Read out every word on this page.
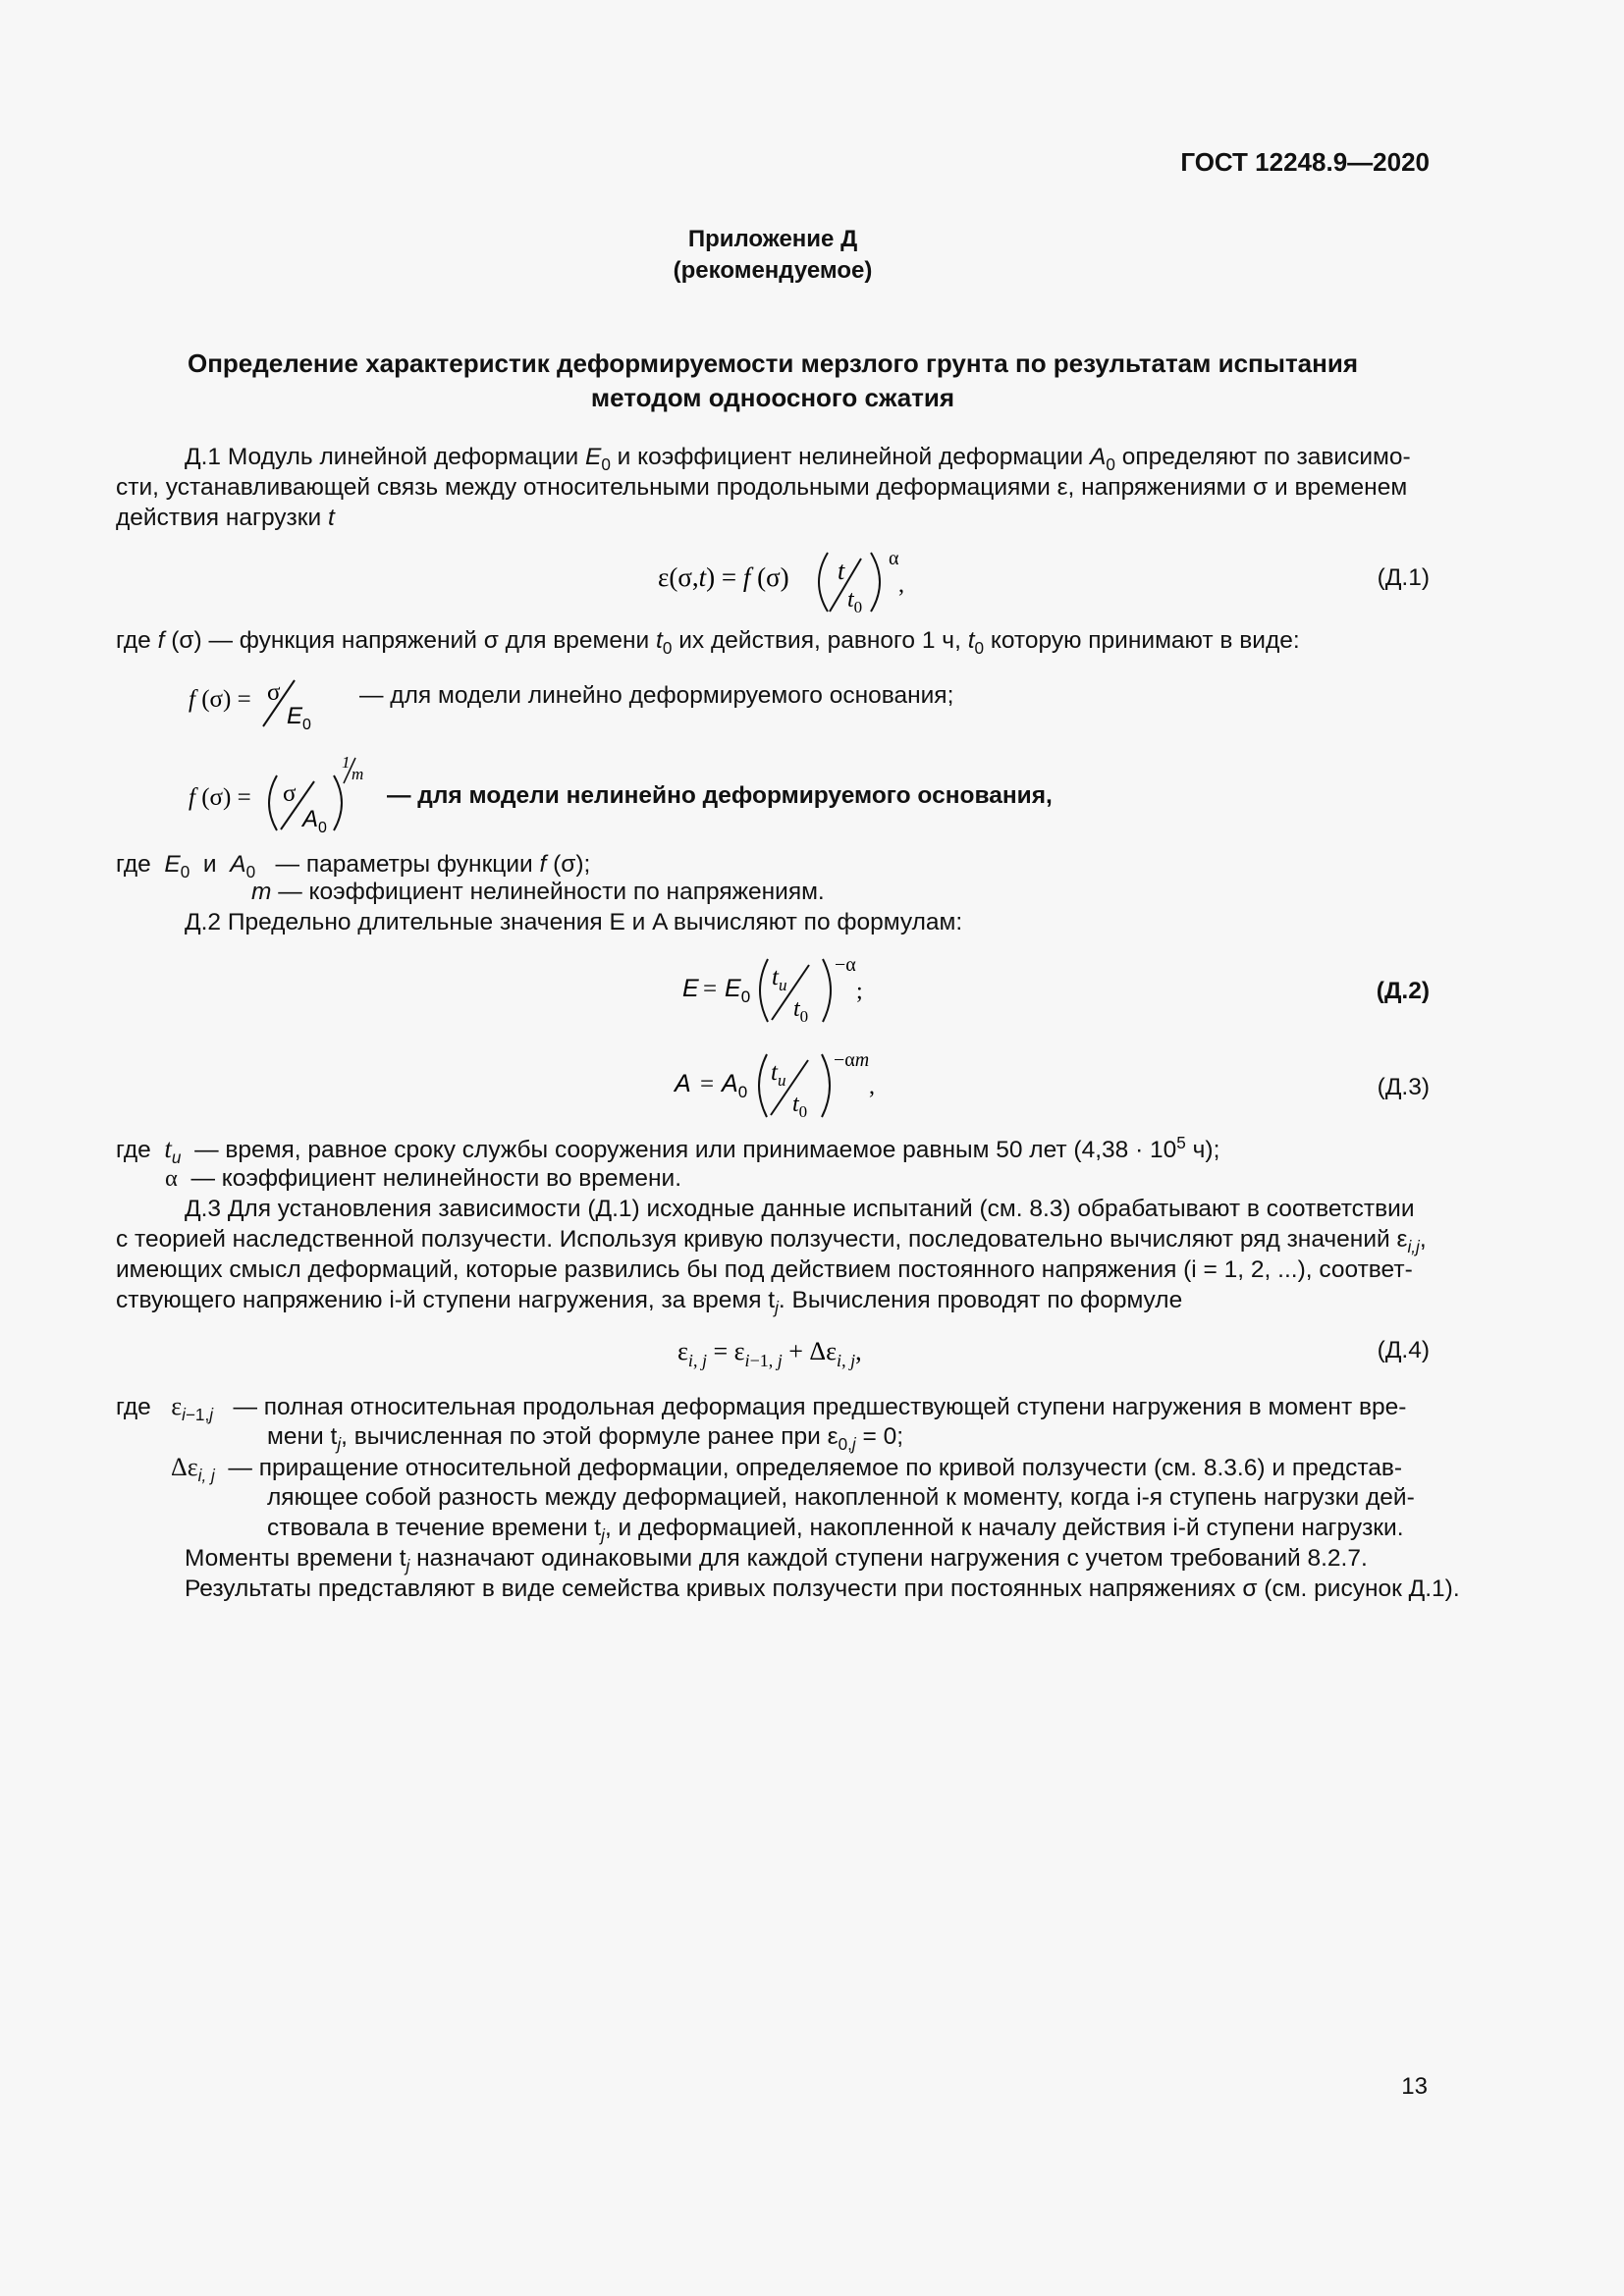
ГОСТ 12248.9—2020
Приложение Д
(рекомендуемое)
Определение характеристик деформируемости мерзлого грунта по результатам испытания
методом одноосного сжатия
Д.1 Модуль линейной деформации $E_0$ и коэффициент нелинейной деформации $A_0$ определяют по зависимо-
сти, устанавливающей связь между относительными продольными деформациями ε, напряжениями σ и временем
действия нагрузки t
ε(σ,t) = f (σ) t
$t_0$
α
,	(Д.1)
где f (σ) — функция напряжений σ для времени $t_0$ их действия, равного 1 ч, $t_0$ которую принимают в виде:
f (σ) = σ
$E_0$
— для модели линейно деформируемого основания;
f (σ) = σ
$A_0$
1
m
— для модели нелинейно деформируемого основания,
где $E_0$ и $A_0$ — параметры функции f (σ);
m — коэффициент нелинейности по напряжениям.
Д.2 Предельно длительные значения E и A вычисляют по формулам:
$E = E_0$
$t_u$
$t_0$
−α
;	(Д.2)
$A = A_0$
$t_u$
$t_0$
−αm
,	(Д.3)
где  $t_u$ — время, равное сроку службы сооружения или принимаемое равным 50 лет ($4,38 \cdot 10^5$ ч);
α — коэффициент нелинейности во времени.
Д.3 Для установления зависимости (Д.1) исходные данные испытаний (см. 8.3) обрабатывают в соответствии
с теорией наследственной ползучести. Используя кривую ползучести, последовательно вычисляют ряд значений $\varepsilon_{i,j}$,
имеющих смысл деформаций, которые развились бы под действием постоянного напряжения (i = 1, 2, ...), соответ-
ствующего напряжению i-й ступени нагружения, за время $t_j$. Вычисления проводят по формуле
$\varepsilon_i$, $j = \varepsilon_i-1$, $j + \Delta\varepsilon_i$, j,	(Д.4)
где   $\varepsilon_{i-1,j}$ — полная относительная продольная деформация предшествующей ступени нагружения в момент вре-
мени $t_j$, вычисленная по этой формуле ранее при $\varepsilon_{0,j} = 0$;
$\Delta\varepsilon_{i, j}$ — приращение относительной деформации, определяемое по кривой ползучести (см. 8.3.6) и представ-
ляющее собой разность между деформацией, накопленной к моменту, когда i-я ступень нагрузки дей-
ствовала в течение времени $t_j$, и деформацией, накопленной к началу действия i-й ступени нагрузки.
Моменты времени $t_j$ назначают одинаковыми для каждой ступени нагружения с учетом требований 8.2.7.
Результаты представляют в виде семейства кривых ползучести при постоянных напряжениях σ (см. рисунок Д.1).
13
